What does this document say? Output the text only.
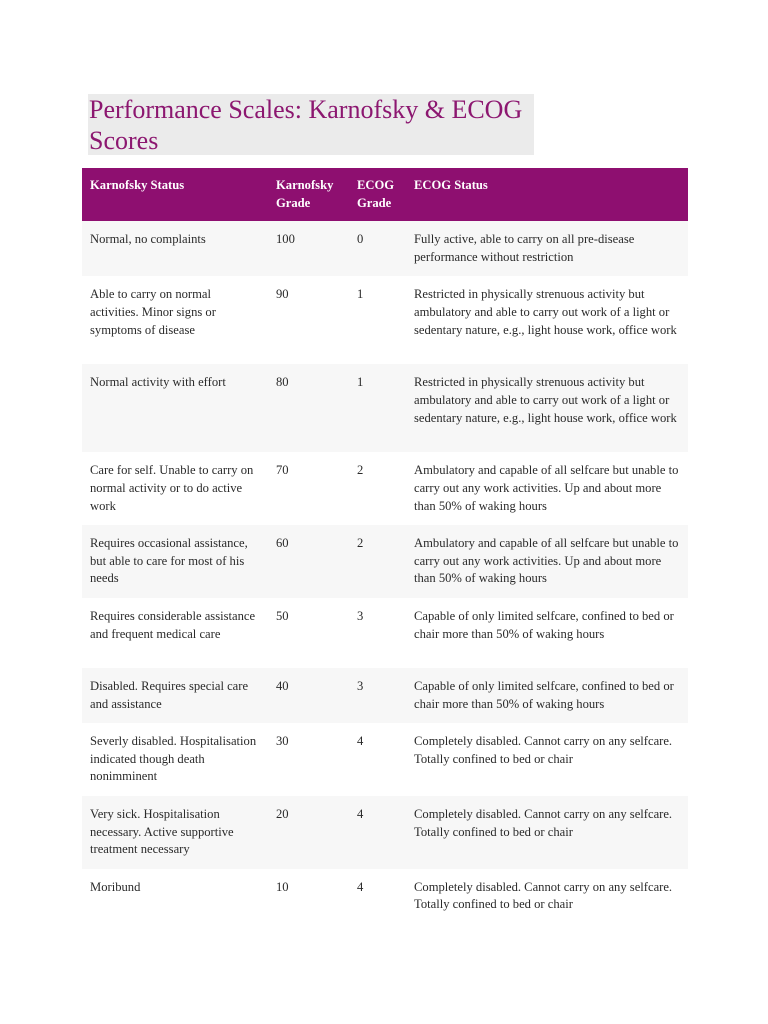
Performance Scales: Karnofsky & ECOG Scores
Karnofsky Status	Karnofsky Grade	ECOG Grade	ECOG Status
Normal, no complaints	100	0	Fully active, able to carry on all pre-disease performance without restriction
Able to carry on normal activities. Minor signs or symptoms of disease	90	1	Restricted in physically strenuous activity but ambulatory and able to carry out work of a light or sedentary nature, e.g., light house work, office work
Normal activity with effort	80	1	Restricted in physically strenuous activity but ambulatory and able to carry out work of a light or sedentary nature, e.g., light house work, office work
Care for self. Unable to carry on normal activity or to do active work	70	2	Ambulatory and capable of all selfcare but unable to carry out any work activities. Up and about more than 50% of waking hours
Requires occasional assistance, but able to care for most of his needs	60	2	Ambulatory and capable of all selfcare but unable to carry out any work activities. Up and about more than 50% of waking hours
Requires considerable assistance and frequent medical care	50	3	Capable of only limited selfcare, confined to bed or chair more than 50% of waking hours
Disabled. Requires special care and assistance	40	3	Capable of only limited selfcare, confined to bed or chair more than 50% of waking hours
Severly disabled. Hospitalisation indicated though death nonimminent	30	4	Completely disabled. Cannot carry on any selfcare. Totally confined to bed or chair
Very sick. Hospitalisation necessary. Active supportive treatment necessary	20	4	Completely disabled. Cannot carry on any selfcare. Totally confined to bed or chair
Moribund	10	4	Completely disabled. Cannot carry on any selfcare. Totally confined to bed or chair
